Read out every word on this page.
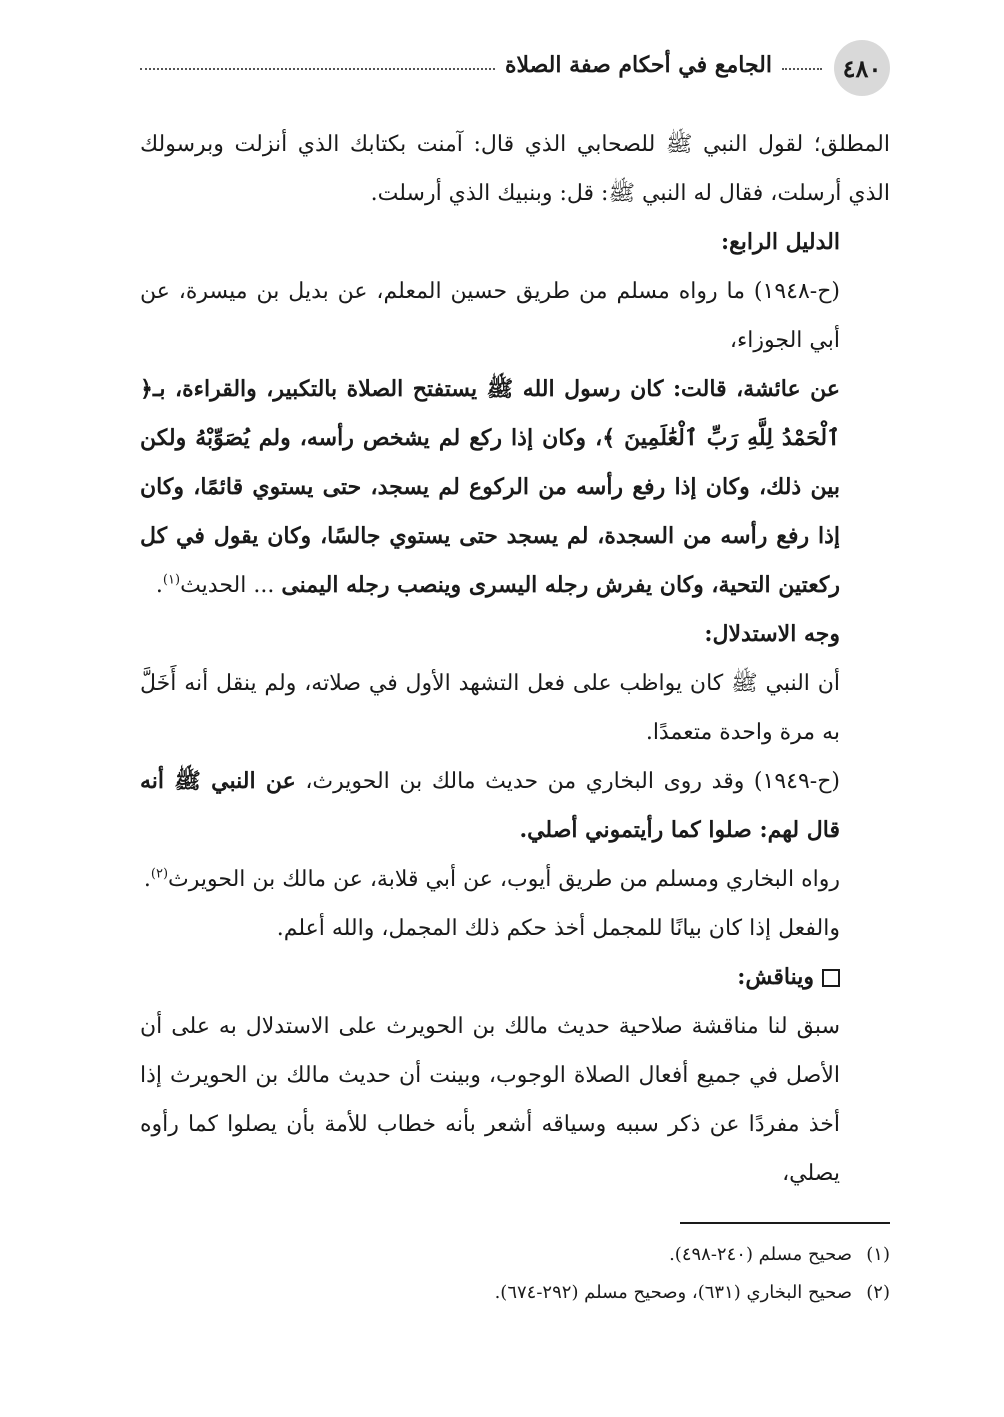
الجامع في أحكام صفة الصلاة	٤٨٠

المطلق؛ لقول النبي ﷺ للصحابي الذي قال: آمنت بكتابك الذي أنزلت وبرسولك الذي أرسلت، فقال له النبي ﷺ: قل: وبنبيك الذي أرسلت.

الدليل الرابع:

(ح-١٩٤٨) ما رواه مسلم من طريق حسين المعلم، عن بديل بن ميسرة، عن أبي الجوزاء،

عن عائشة، قالت: كان رسول الله ﷺ يستفتح الصلاة بالتكبير، والقراءة، بـ﴿ ٱلْحَمْدُ لِلَّهِ رَبِّ ٱلْعَٰلَمِينَ ﴾، وكان إذا ركع لم يشخص رأسه، ولم يُصَوِّبْهُ ولكن بين ذلك، وكان إذا رفع رأسه من الركوع لم يسجد، حتى يستوي قائمًا، وكان إذا رفع رأسه من السجدة، لم يسجد حتى يستوي جالسًا، وكان يقول في كل ركعتين التحية، وكان يفرش رجله اليسرى وينصب رجله اليمنى ... الحديث$^{(١)}$.

وجه الاستدلال:

أن النبي ﷺ كان يواظب على فعل التشهد الأول في صلاته، ولم ينقل أنه أَخَلَّ به مرة واحدة متعمدًا.

(ح-١٩٤٩) وقد روى البخاري من حديث مالك بن الحويرث، عن النبي ﷺ أنه قال لهم: صلوا كما رأيتموني أصلي.

رواه البخاري ومسلم من طريق أيوب، عن أبي قلابة، عن مالك بن الحويرث$^{(٢)}$.

والفعل إذا كان بيانًا للمجمل أخذ حكم ذلك المجمل، والله أعلم.

ويناقش:

سبق لنا مناقشة صلاحية حديث مالك بن الحويرث على الاستدلال به على أن الأصل في جميع أفعال الصلاة الوجوب، وبينت أن حديث مالك بن الحويرث إذا أخذ مفردًا عن ذكر سببه وسياقه أشعر بأنه خطاب للأمة بأن يصلوا كما رأوه يصلي،

(١)صحيح مسلم (٢٤٠-٤٩٨).

(٢)صحيح البخاري (٦٣١)، وصحيح مسلم (٢٩٢-٦٧٤).
